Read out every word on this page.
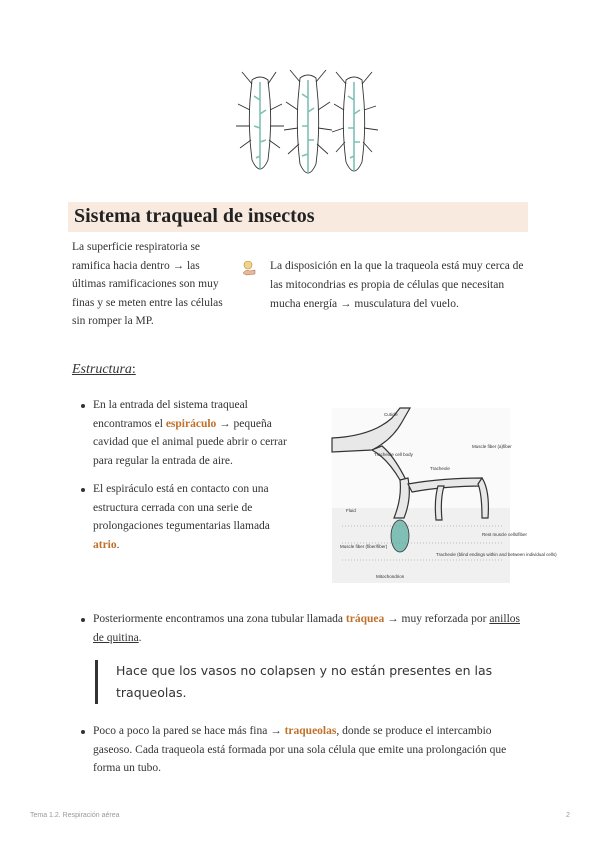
Sistema traqueal de insectos
La superficie respiratoria se ramifica hacia dentro → las últimas ramificaciones son muy finas y se meten entre las células sin romper la MP.
La disposición en la que la traqueola está muy cerca de las mitocondrias es propia de células que necesitan mucha energía → musculatura del vuelo.
Estructura:
En la entrada del sistema traqueal encontramos el espiráculo → pequeña cavidad que el animal puede abrir o cerrar para regular la entrada de aire.
El espiráculo está en contacto con una estructura cerrada con una serie de prolongaciones tegumentarias llamada atrio.
Cuticle
Tracheole cell body
Tracheole
Muscle fiber (a)fiber
Fluid
Muscle fiber (fiber/fiber)
Mitochondrion
Tracheole (blind endings within and between individual cells)
Rest muscle cells/fiber
Posteriormente encontramos una zona tubular llamada tráquea → muy reforzada por anillos de quitina.
Hace que los vasos no colapsen y no están presentes en las traqueolas.
Poco a poco la pared se hace más fina → traqueolas, donde se produce el intercambio gaseoso. Cada traqueola está formada por una sola célula que emite una prolongación que forma un tubo.
Tema 1.2. Respiración aérea	2
